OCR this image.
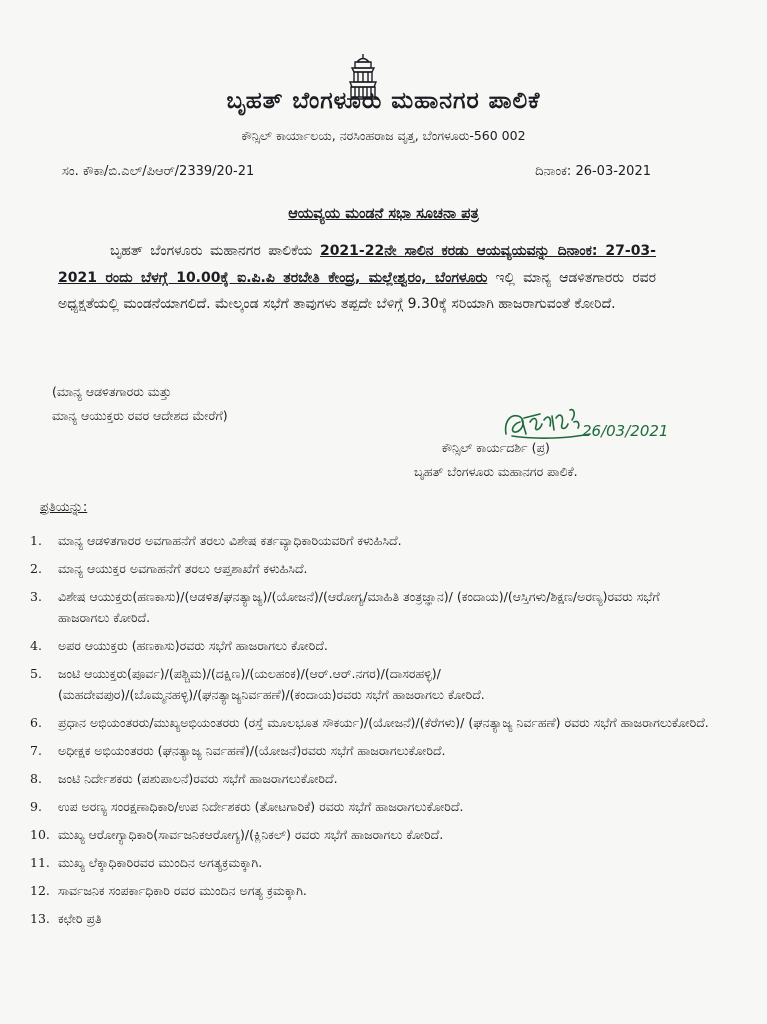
ಬೃಹತ್ ಬೆಂಗಳೂರು ಮಹಾನಗರ ಪಾಲಿಕೆ
ಕೌನ್ಸಿಲ್ ಕಾರ್ಯಾಲಯ, ನರಸಿಂಹರಾಜ ವೃತ್ತ, ಬೆಂಗಳೂರು-560 002
ಸಂ. ಕೌಕಾ/ಬಿ.ಎಲ್/ಪಿಆರ್/2339/20-21	ದಿನಾಂಕ: 26-03-2021
ಆಯವ್ಯಯ ಮಂಡನೆ ಸಭಾ ಸೂಚನಾ ಪತ್ರ
ಬೃಹತ್ ಬೆಂಗಳೂರು ಮಹಾನಗರ ಪಾಲಿಕೆಯ 2021-22ನೇ ಸಾಲಿನ ಕರಡು ಆಯವ್ಯಯವನ್ನು ದಿನಾಂಕ: 27-03-2021 ರಂದು ಬೆಳಗ್ಗೆ 10.00ಕ್ಕೆ ಐ.ಪಿ.ಪಿ ತರಬೇತಿ ಕೇಂದ್ರ, ಮಲ್ಲೇಶ್ವರಂ, ಬೆಂಗಳೂರು ಇಲ್ಲಿ ಮಾನ್ಯ ಆಡಳಿತಗಾರರು ರವರ ಅಧ್ಯಕ್ಷತೆಯಲ್ಲಿ ಮಂಡನೆಯಾಗಲಿದೆ. ಮೇಲ್ಕಂಡ ಸಭೆಗೆ ತಾವುಗಳು ತಪ್ಪದೇ ಬೆಳಿಗ್ಗೆ 9.30ಕ್ಕೆ ಸರಿಯಾಗಿ ಹಾಜರಾಗುವಂತೆ ಕೋರಿದೆ.
(ಮಾನ್ಯ ಆಡಳಿತಗಾರರು ಮತ್ತು
ಮಾನ್ಯ ಆಯುಕ್ತರು ರವರ ಆದೇಶದ ಮೇರೆಗೆ)
26/03/2021
ಕೌನ್ಸಿಲ್ ಕಾರ್ಯದರ್ಶಿ (ಪ್ರ)
ಬೃಹತ್ ಬೆಂಗಳೂರು ಮಹಾನಗರ ಪಾಲಿಕೆ.
ಪ್ರತಿಯನ್ನು:
1. ಮಾನ್ಯ ಆಡಳಿತಗಾರರ ಅವಗಾಹನೆಗೆ ತರಲು ವಿಶೇಷ ಕರ್ತವ್ಯಾಧಿಕಾರಿಯವರಿಗೆ ಕಳುಹಿಸಿದೆ.
2. ಮಾನ್ಯ ಆಯುಕ್ತರ ಅವಗಾಹನೆಗೆ ತರಲು ಆಪ್ತಶಾಖೆಗೆ ಕಳುಹಿಸಿದೆ.
3. ವಿಶೇಷ ಆಯುಕ್ತರು(ಹಣಕಾಸು)/(ಆಡಳಿತ/ಘನತ್ಯಾಜ್ಯ)/(ಯೋಜನೆ)/(ಆರೋಗ್ಯ/ಮಾಹಿತಿ ತಂತ್ರಜ್ಞಾನ)/ (ಕಂದಾಯ)/(ಆಸ್ತಿಗಳು/ಶಿಕ್ಷಣ/ಅರಣ್ಯ)ರವರು ಸಭೆಗೆ ಹಾಜರಾಗಲು ಕೋರಿದೆ.
4. ಅಪರ ಆಯುಕ್ತರು (ಹಣಕಾಸು)ರವರು ಸಭೆಗೆ ಹಾಜರಾಗಲು ಕೋರಿದೆ.
5. ಜಂಟಿ ಆಯುಕ್ತರು(ಪೂರ್ವ)/(ಪಶ್ಚಿಮ)/(ದಕ್ಷಿಣ)/(ಯಲಹಂಕ)/(ಆರ್.ಆರ್.ನಗರ)/(ದಾಸರಹಳ್ಳಿ)/ (ಮಹದೇವಪುರ)/(ಬೊಮ್ಮನಹಳ್ಳಿ)/(ಘನತ್ಯಾಜ್ಯನಿರ್ವಹಣೆ)/(ಕಂದಾಯ)ರವರು ಸಭೆಗೆ ಹಾಜರಾಗಲು ಕೋರಿದೆ.
6. ಪ್ರಧಾನ ಅಭಿಯಂತರರು/ಮುಖ್ಯಅಭಿಯಂತರರು (ರಸ್ತೆ ಮೂಲಭೂತ ಸೌಕರ್ಯ)/(ಯೋಜನೆ)/(ಕೆರೆಗಳು)/ (ಘನತ್ಯಾಜ್ಯ ನಿರ್ವಹಣೆ) ರವರು ಸಭೆಗೆ ಹಾಜರಾಗಲುಕೋರಿದೆ.
7. ಅಧೀಕ್ಷಕ ಅಭಿಯಂತರರು (ಘನತ್ಯಾಜ್ಯ ನಿರ್ವಹಣೆ)/(ಯೋಜನೆ)ರವರು ಸಭೆಗೆ ಹಾಜರಾಗಲುಕೋರಿದೆ.
8. ಜಂಟಿ ನಿರ್ದೇಶಕರು (ಪಶುಪಾಲನೆ)ರವರು ಸಭೆಗೆ ಹಾಜರಾಗಲುಕೋರಿದೆ.
9. ಉಪ ಅರಣ್ಯ ಸಂರಕ್ಷಣಾಧಿಕಾರಿ/ಉಪ ನಿರ್ದೇಶಕರು (ತೋಟಗಾರಿಕೆ) ರವರು ಸಭೆಗೆ ಹಾಜರಾಗಲುಕೋರಿದೆ.
10. ಮುಖ್ಯ ಆರೋಗ್ಯಾಧಿಕಾರಿ(ಸಾರ್ವಜನಿಕಆರೋಗ್ಯ)/(ಕ್ಲಿನಿಕಲ್) ರವರು ಸಭೆಗೆ ಹಾಜರಾಗಲು ಕೋರಿದೆ.
11. ಮುಖ್ಯ ಲೆಕ್ಕಾಧಿಕಾರಿರವರ ಮುಂದಿನ ಅಗತ್ಯಕ್ರಮಕ್ಕಾಗಿ.
12. ಸಾರ್ವಜನಿಕ ಸಂಪರ್ಕಾಧಿಕಾರಿ ರವರ ಮುಂದಿನ ಅಗತ್ಯ ಕ್ರಮಕ್ಕಾಗಿ.
13. ಕಛೇರಿ ಪ್ರತಿ
